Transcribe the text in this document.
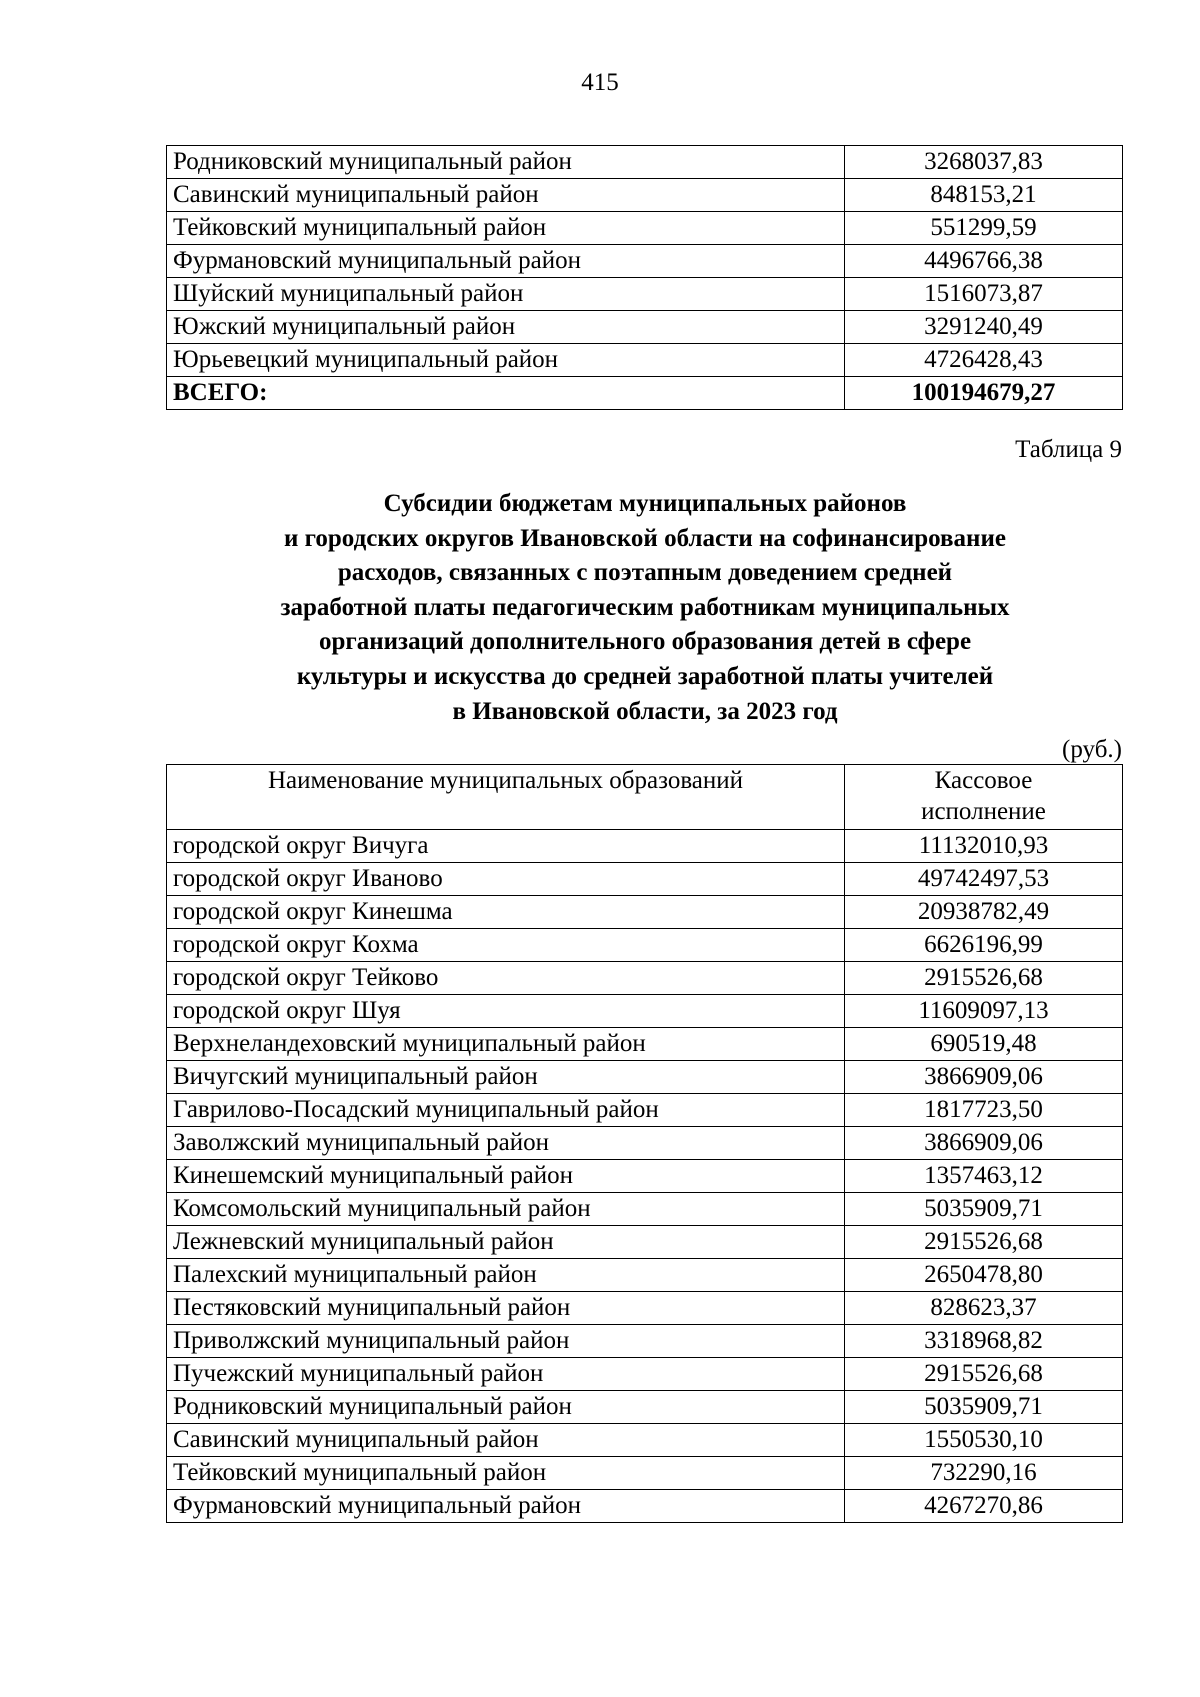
415
Родниковский муниципальный район	3268037,83
Савинский муниципальный район	848153,21
Тейковский муниципальный район	551299,59
Фурмановский муниципальный район	4496766,38
Шуйский муниципальный район	1516073,87
Южский муниципальный район	3291240,49
Юрьевецкий муниципальный район	4726428,43
ВСЕГО:	100194679,27
Таблица 9
Субсидии бюджетам муниципальных районов
и городских округов Ивановской области на софинансирование
расходов, связанных с поэтапным доведением средней
заработной платы педагогическим работникам муниципальных
организаций дополнительного образования детей в сфере
культуры и искусства до средней заработной платы учителей
в Ивановской области, за 2023 год
(руб.)
Наименование муниципальных образований	Кассовое
исполнение

городской округ Вичуга	11132010,93
городской округ Иваново	49742497,53
городской округ Кинешма	20938782,49
городской округ Кохма	6626196,99
городской округ Тейково	2915526,68
городской округ Шуя	11609097,13
Верхнеландеховский муниципальный район	690519,48
Вичугский муниципальный район	3866909,06
Гаврилово-Посадский муниципальный район	1817723,50
Заволжский муниципальный район	3866909,06
Кинешемский муниципальный район	1357463,12
Комсомольский муниципальный район	5035909,71
Лежневский муниципальный район	2915526,68
Палехский муниципальный район	2650478,80
Пестяковский муниципальный район	828623,37
Приволжский муниципальный район	3318968,82
Пучежский муниципальный район	2915526,68
Родниковский муниципальный район	5035909,71
Савинский муниципальный район	1550530,10
Тейковский муниципальный район	732290,16
Фурмановский муниципальный район	4267270,86
